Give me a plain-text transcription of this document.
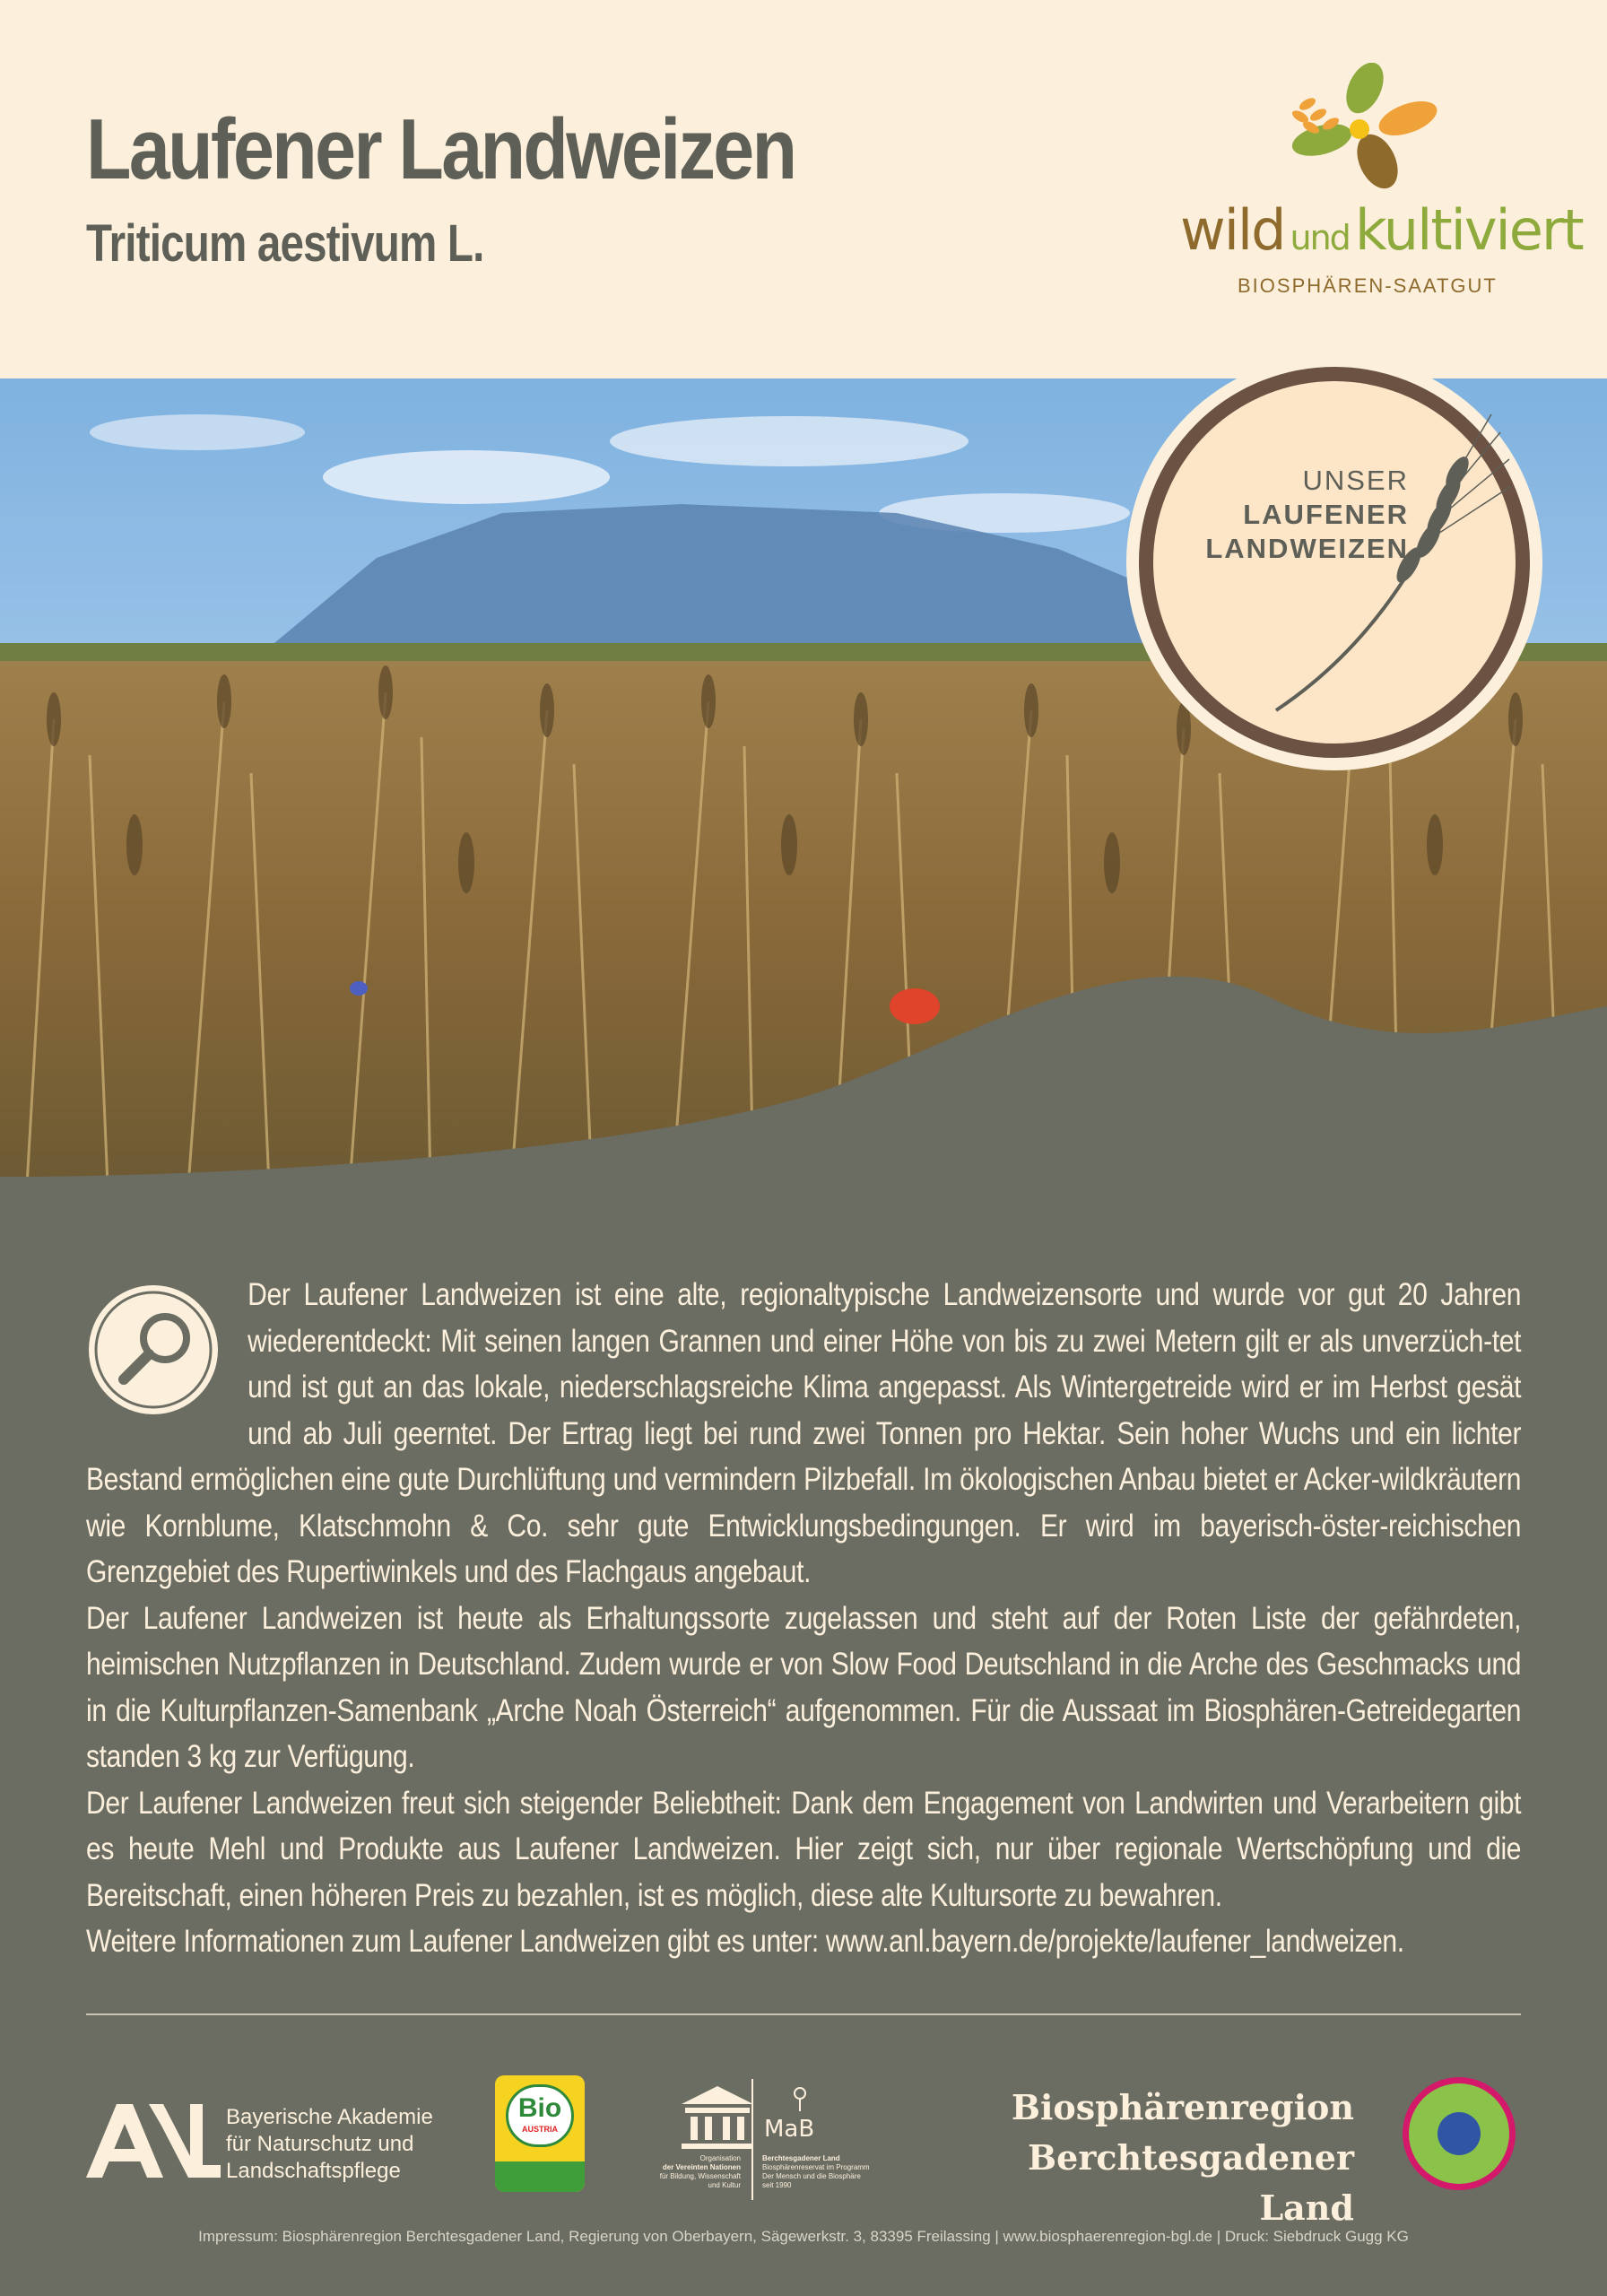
Laufener Landweizen
Triticum aestivum L.	wild undkultiviert
BIOSPHÄREN-SAATGUT
UNSER
LAUFENER
LANDWEIZEN

Der Laufener Landweizen ist eine alte, regionaltypische Landweizensorte und wurde vor gut 20 Jahren wiederentdeckt: Mit seinen langen Grannen und einer Höhe von bis zu zwei Metern gilt er als unverzüch-tet und ist gut an das lokale, niederschlagsreiche Klima angepasst. Als Wintergetreide wird er im Herbst gesät und ab Juli geerntet. Der Ertrag liegt bei rund zwei Tonnen pro Hektar. Sein hoher Wuchs und ein lichter Bestand ermöglichen eine gute Durchlüftung und vermindern Pilzbefall. Im ökologischen Anbau bietet er Acker-wildkräutern wie Kornblume, Klatschmohn & Co. sehr gute Entwicklungsbedingungen. Er wird im bayerisch-öster-reichischen Grenzgebiet des Rupertiwinkels und des Flachgaus angebaut.

Der Laufener Landweizen ist heute als Erhaltungssorte zugelassen und steht auf der Roten Liste der gefährdeten, heimischen Nutzpflanzen in Deutschland. Zudem wurde er von Slow Food Deutschland in die Arche des Geschmacks und in die Kulturpflanzen-Samenbank „Arche Noah Österreich“ aufgenommen. Für die Aussaat im Biosphären-Getreidegarten standen 3 kg zur Verfügung.

Der Laufener Landweizen freut sich steigender Beliebtheit: Dank dem Engagement von Landwirten und Verarbeitern gibt es heute Mehl und Produkte aus Laufener Landweizen. Hier zeigt sich, nur über regionale Wertschöpfung und die Bereitschaft, einen höheren Preis zu bezahlen, ist es möglich, diese alte Kultursorte zu bewahren.

Weitere Informationen zum Laufener Landweizen gibt es unter: www.anl.bayern.de/projekte/laufener_landweizen.

Bayerische Akademie
für Naturschutz und
Landschaftspflege
Bio
AUSTRIA	MaB
Organisation
der Vereinten Nationen
für Bildung, Wissenschaft
und Kultur
Berchtesgadener Land
Biosphärenreservat im Programm
Der Mensch und die Biosphäre
seit 1990
Biosphärenregion
Berchtesgadener Land
Impressum: Biosphärenregion Berchtesgadener Land, Regierung von Oberbayern, Sägewerkstr. 3, 83395 Freilassing | www.biosphaerenregion-bgl.de | Druck: Siebdruck Gugg KG
